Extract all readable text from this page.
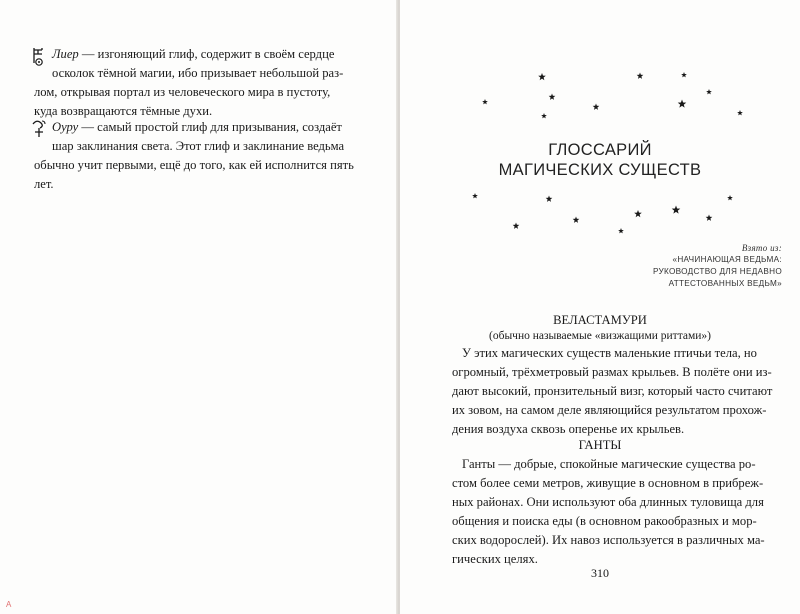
Лиер — изгоняющий глиф, содержит в своём сердце
осколок тёмной магии, ибо призывает небольшой раз-
лом, открывая портал из человеческого мира в пустоту,
куда возвращаются тёмные духи.
Оуру — самый простой глиф для призывания, создаёт
шар заклинания света. Этот глиф и заклинание ведьма
обычно учит первыми, ещё до того, как ей исполнится пять
лет.
A
ГЛОССАРИЙ
МАГИЧЕСКИХ СУЩЕСТВ
Взято из:
«НАЧИНАЮЩАЯ ВЕДЬМА:
РУКОВОДСТВО ДЛЯ НЕДАВНО
АТТЕСТОВАННЫХ ВЕДЬМ»
ВЕЛАСТАМУРИ
(обычно называемые «визжащими риттами»)
У этих магических существ маленькие птичьи тела, но
огромный, трёхметровый размах крыльев. В полёте они из-
дают высокий, пронзительный визг, который часто считают
их зовом, на самом деле являющийся результатом прохож-
дения воздуха сквозь оперенье их крыльев.
ГАНТЫ
Ганты — добрые, спокойные магические существа ро-
стом более семи метров, живущие в основном в прибреж-
ных районах. Они используют оба длинных туловища для
общения и поиска еды (в основном ракообразных и мор-
ских водорослей). Их навоз используется в различных ма-
гических целях.
310
